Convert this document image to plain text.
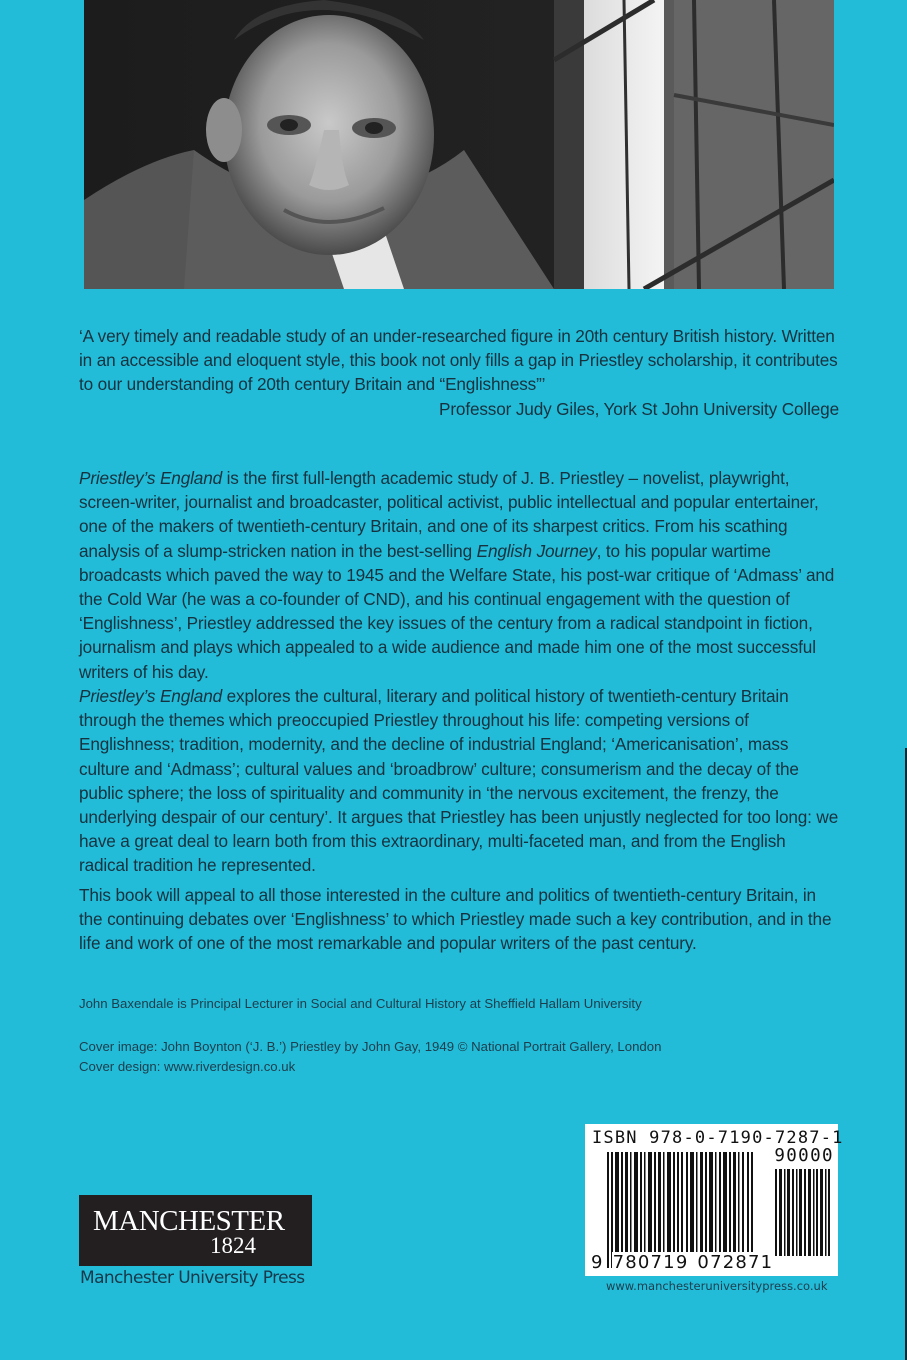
‘A very timely and readable study of an under-researched figure in 20th century British history. Written in an accessible and eloquent style, this book not only fills a gap in Priestley scholarship, it contributes to our understanding of 20th century Britain and “Englishness”’

Professor Judy Giles, York St John University College

Priestley’s England is the first full-length academic study of J. B. Priestley – novelist, playwright, screen-writer, journalist and broadcaster, political activist, public intellectual and popular entertainer, one of the makers of twentieth-century Britain, and one of its sharpest critics. From his scathing analysis of a slump-stricken nation in the best-selling English Journey, to his popular wartime broadcasts which paved the way to 1945 and the Welfare State, his post-war critique of ‘Admass’ and the Cold War (he was a co-founder of CND), and his continual engagement with the question of ‘Englishness’, Priestley addressed the key issues of the century from a radical standpoint in fiction, journalism and plays which appealed to a wide audience and made him one of the most successful writers of his day.

Priestley’s England explores the cultural, literary and political history of twentieth-century Britain through the themes which preoccupied Priestley throughout his life: competing versions of Englishness; tradition, modernity, and the decline of industrial England; ‘Americanisation’, mass culture and ‘Admass’; cultural values and ‘broadbrow’ culture; consumerism and the decay of the public sphere; the loss of spirituality and community in ‘the nervous excitement, the frenzy, the underlying despair of our century’. It argues that Priestley has been unjustly neglected for too long: we have a great deal to learn both from this extraordinary, multi-faceted man, and from the English radical tradition he represented.

This book will appeal to all those interested in the culture and politics of twentieth-century Britain, in the continuing debates over ‘Englishness’ to which Priestley made such a key contribution, and in the life and work of one of the most remarkable and popular writers of the past century.

John Baxendale is Principal Lecturer in Social and Cultural History at Sheffield Hallam University
Cover image: John Boynton (‘J. B.’) Priestley by John Gay, 1949 © National Portrait Gallery, London
Cover design: www.riverdesign.co.uk
MANCHESTER
1824
Manchester University Press
ISBN 978-0-7190-7287-1
90000
9 780719 072871
www.manchesteruniversitypress.co.uk
